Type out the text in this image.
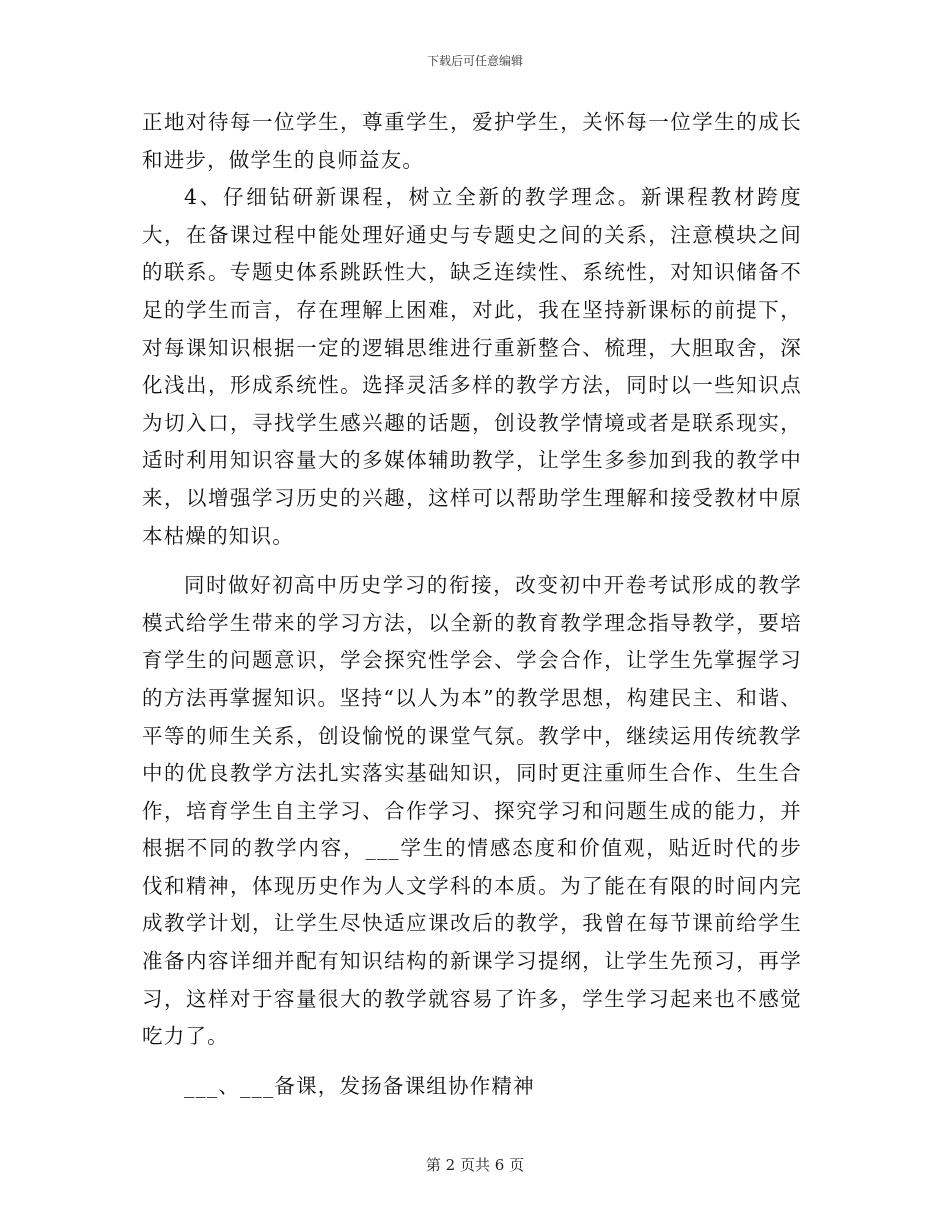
下载后可任意编辑

正地对待每一位学生，尊重学生，爱护学生，关怀每一位学生的成长和进步，做学生的良师益友。

4、仔细钻研新课程，树立全新的教学理念。新课程教材跨度大，在备课过程中能处理好通史与专题史之间的关系，注意模块之间的联系。专题史体系跳跃性大，缺乏连续性、系统性，对知识储备不足的学生而言，存在理解上困难，对此，我在坚持新课标的前提下，对每课知识根据一定的逻辑思维进行重新整合、梳理，大胆取舍，深化浅出，形成系统性。选择灵活多样的教学方法，同时以一些知识点为切入口，寻找学生感兴趣的话题，创设教学情境或者是联系现实，适时利用知识容量大的多媒体辅助教学，让学生多参加到我的教学中来，以增强学习历史的兴趣，这样可以帮助学生理解和接受教材中原本枯燥的知识。

同时做好初高中历史学习的衔接，改变初中开卷考试形成的教学模式给学生带来的学习方法，以全新的教育教学理念指导教学，要培育学生的问题意识，学会探究性学会、学会合作，让学生先掌握学习的方法再掌握知识。坚持“以人为本”的教学思想，构建民主、和谐、平等的师生关系，创设愉悦的课堂气氛。教学中，继续运用传统教学中的优良教学方法扎实落实基础知识，同时更注重师生合作、生生合作，培育学生自主学习、合作学习、探究学习和问题生成的能力，并根据不同的教学内容，___学生的情感态度和价值观，贴近时代的步伐和精神，体现历史作为人文学科的本质。为了能在有限的时间内完成教学计划，让学生尽快适应课改后的教学，我曾在每节课前给学生准备内容详细并配有知识结构的新课学习提纲，让学生先预习，再学习，这样对于容量很大的教学就容易了许多，学生学习起来也不感觉吃力了。

___、___备课，发扬备课组协作精神

第 2 页共 6 页
